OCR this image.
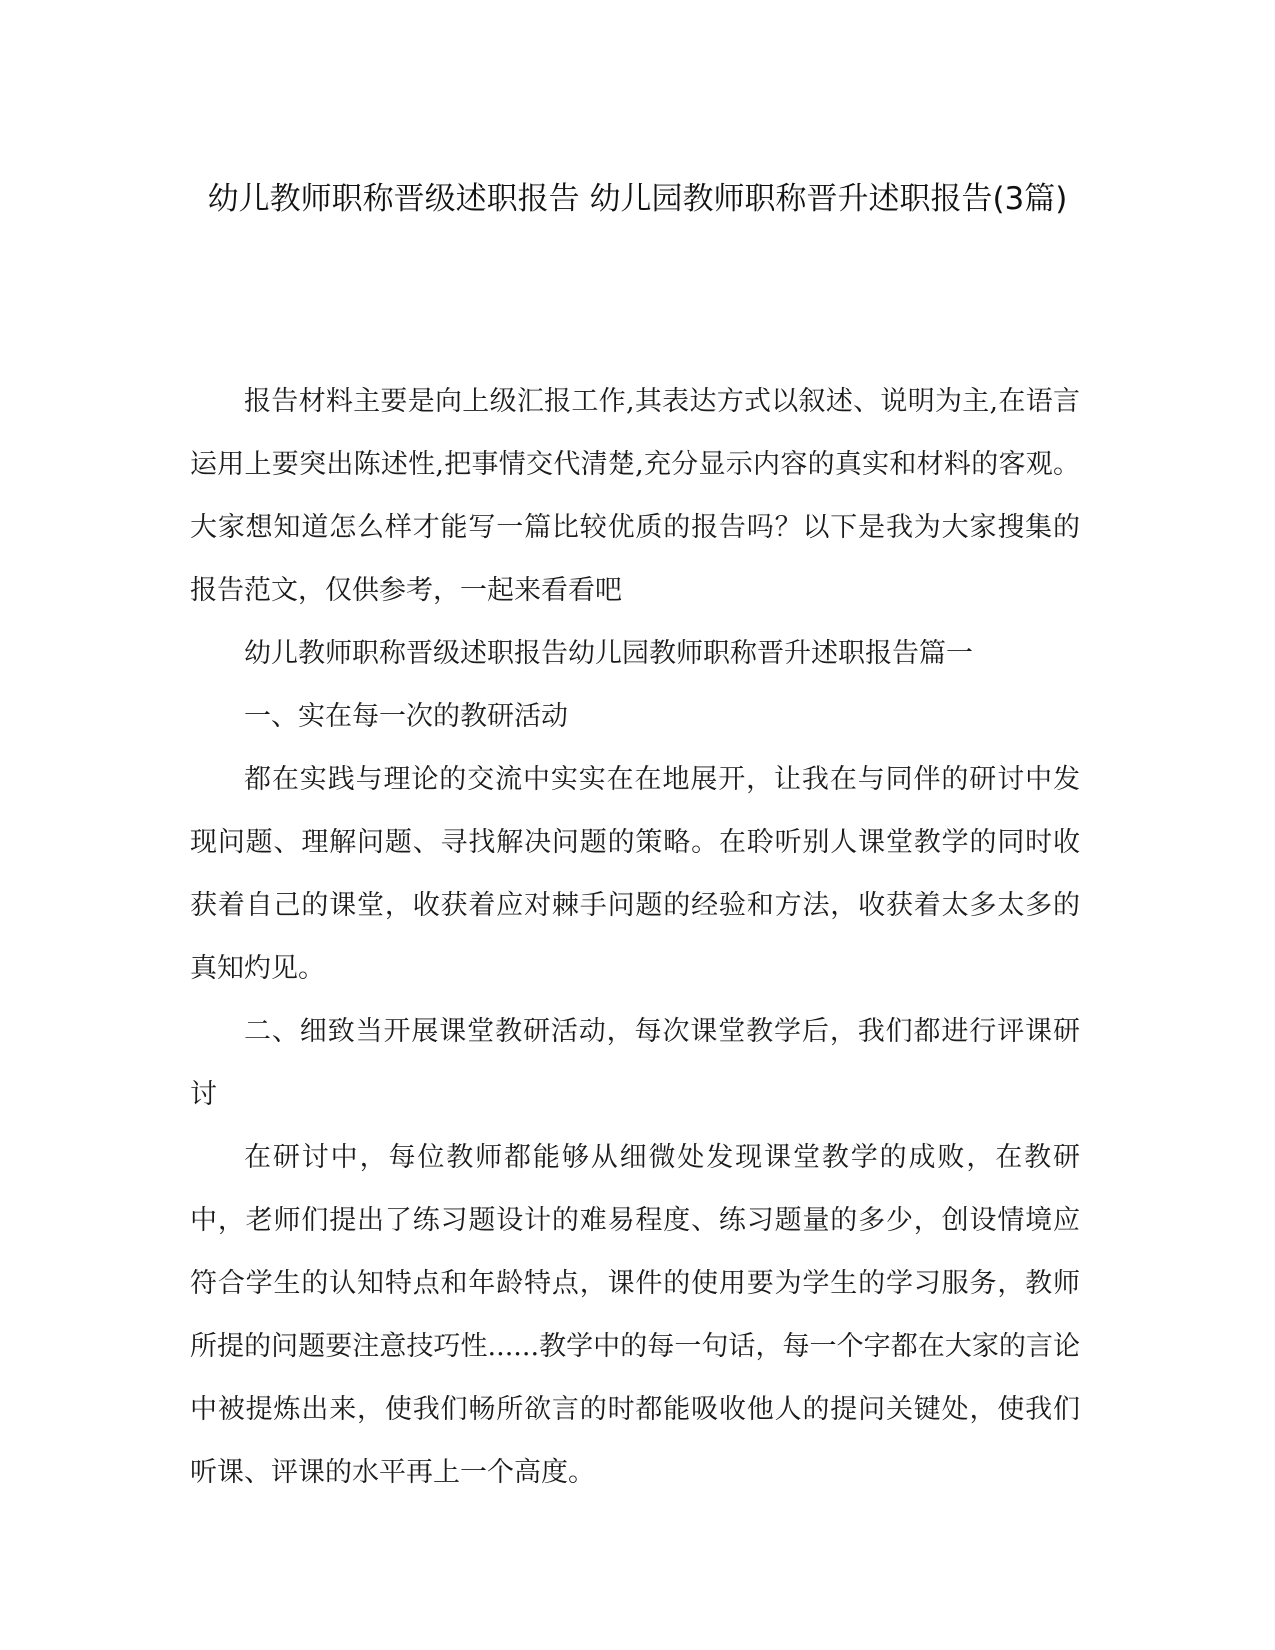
幼儿教师职称晋级述职报告 幼儿园教师职称晋升述职报告(3篇)

报告材料主要是向上级汇报工作,其表达方式以叙述、说明为主,在语言运用上要突出陈述性,把事情交代清楚,充分显示内容的真实和材料的客观。大家想知道怎么样才能写一篇比较优质的报告吗？以下是我为大家搜集的报告范文，仅供参考，一起来看看吧

幼儿教师职称晋级述职报告幼儿园教师职称晋升述职报告篇一

一、实在每一次的教研活动

都在实践与理论的交流中实实在在地展开，让我在与同伴的研讨中发现问题、理解问题、寻找解决问题的策略。在聆听别人课堂教学的同时收获着自己的课堂，收获着应对棘手问题的经验和方法，收获着太多太多的真知灼见。

二、细致当开展课堂教研活动，每次课堂教学后，我们都进行评课研讨

在研讨中，每位教师都能够从细微处发现课堂教学的成败，在教研中，老师们提出了练习题设计的难易程度、练习题量的多少，创设情境应符合学生的认知特点和年龄特点，课件的使用要为学生的学习服务，教师所提的问题要注意技巧性......教学中的每一句话，每一个字都在大家的言论中被提炼出来，使我们畅所欲言的时都能吸收他人的提问关键处，使我们听课、评课的水平再上一个高度。
